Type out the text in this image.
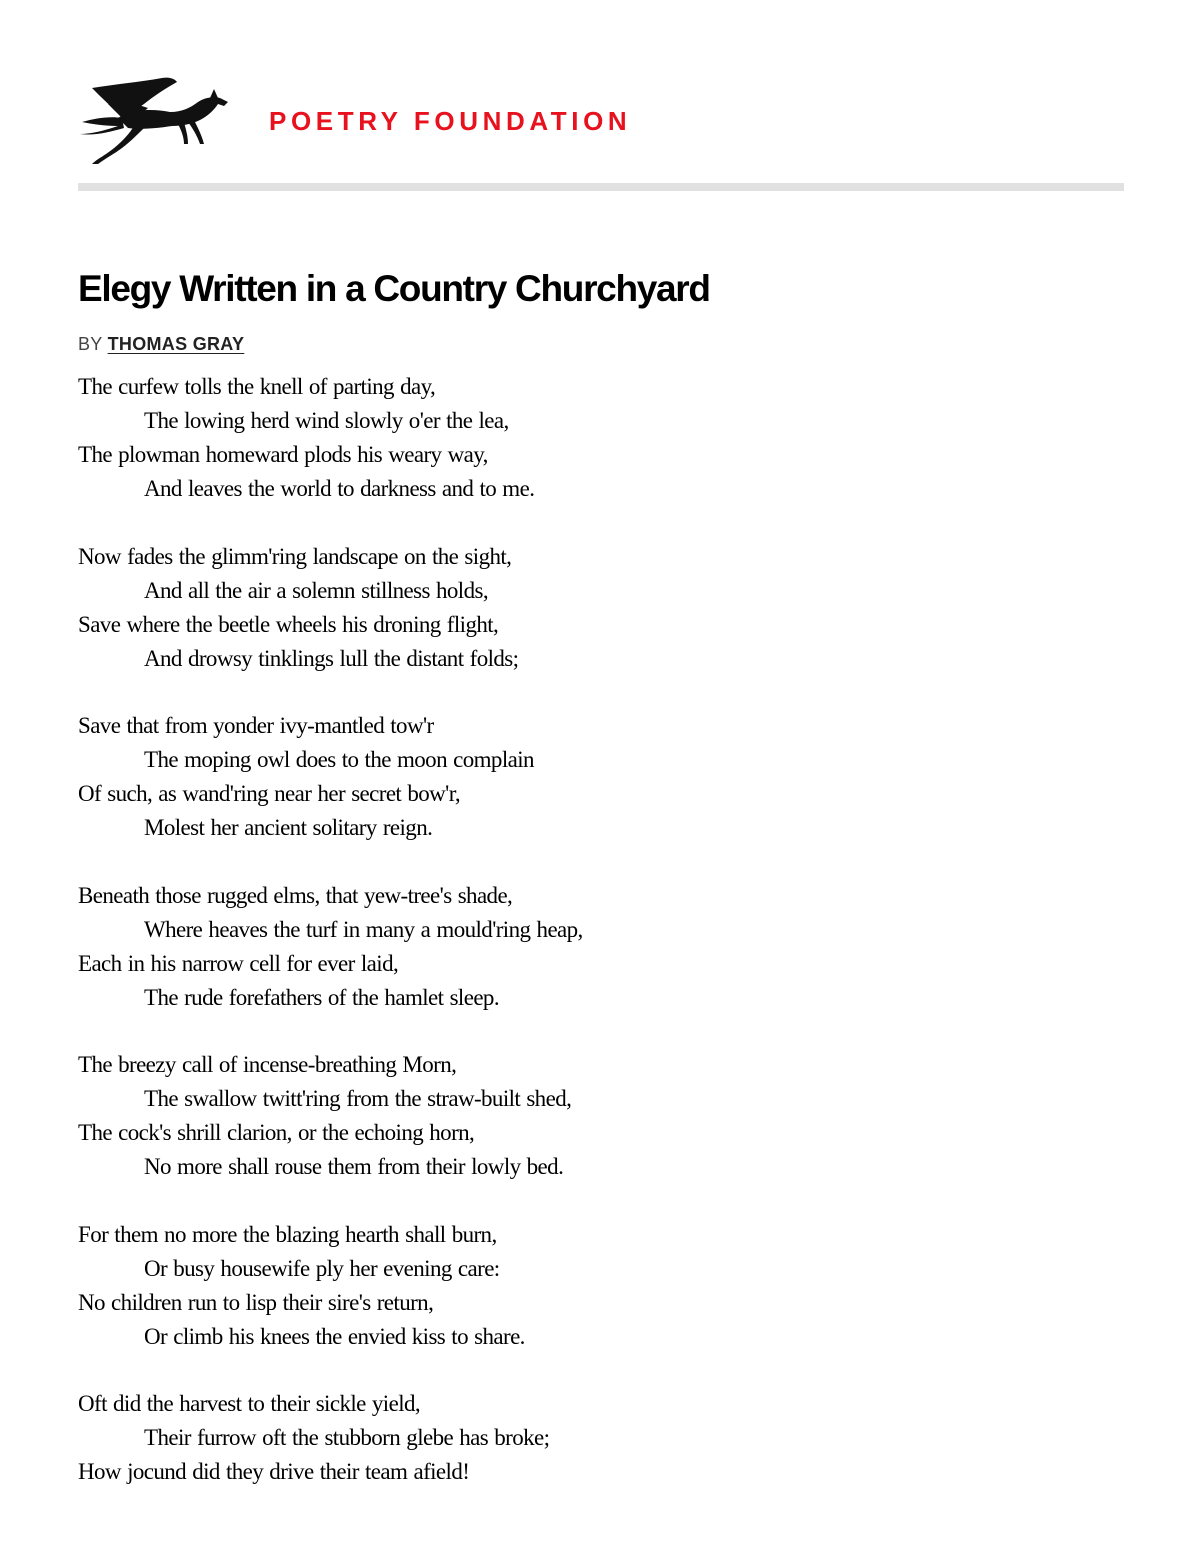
POETRY FOUNDATION
Elegy Written in a Country Churchyard
BY THOMAS GRAY
The curfew tolls the knell of parting day,
The lowing herd wind slowly o'er the lea,
The plowman homeward plods his weary way,
And leaves the world to darkness and to me.
Now fades the glimm'ring landscape on the sight,
And all the air a solemn stillness holds,
Save where the beetle wheels his droning flight,
And drowsy tinklings lull the distant folds;
Save that from yonder ivy-mantled tow'r
The moping owl does to the moon complain
Of such, as wand'ring near her secret bow'r,
Molest her ancient solitary reign.
Beneath those rugged elms, that yew-tree's shade,
Where heaves the turf in many a mould'ring heap,
Each in his narrow cell for ever laid,
The rude forefathers of the hamlet sleep.
The breezy call of incense-breathing Morn,
The swallow twitt'ring from the straw-built shed,
The cock's shrill clarion, or the echoing horn,
No more shall rouse them from their lowly bed.
For them no more the blazing hearth shall burn,
Or busy housewife ply her evening care:
No children run to lisp their sire's return,
Or climb his knees the envied kiss to share.
Oft did the harvest to their sickle yield,
Their furrow oft the stubborn glebe has broke;
How jocund did they drive their team afield!
